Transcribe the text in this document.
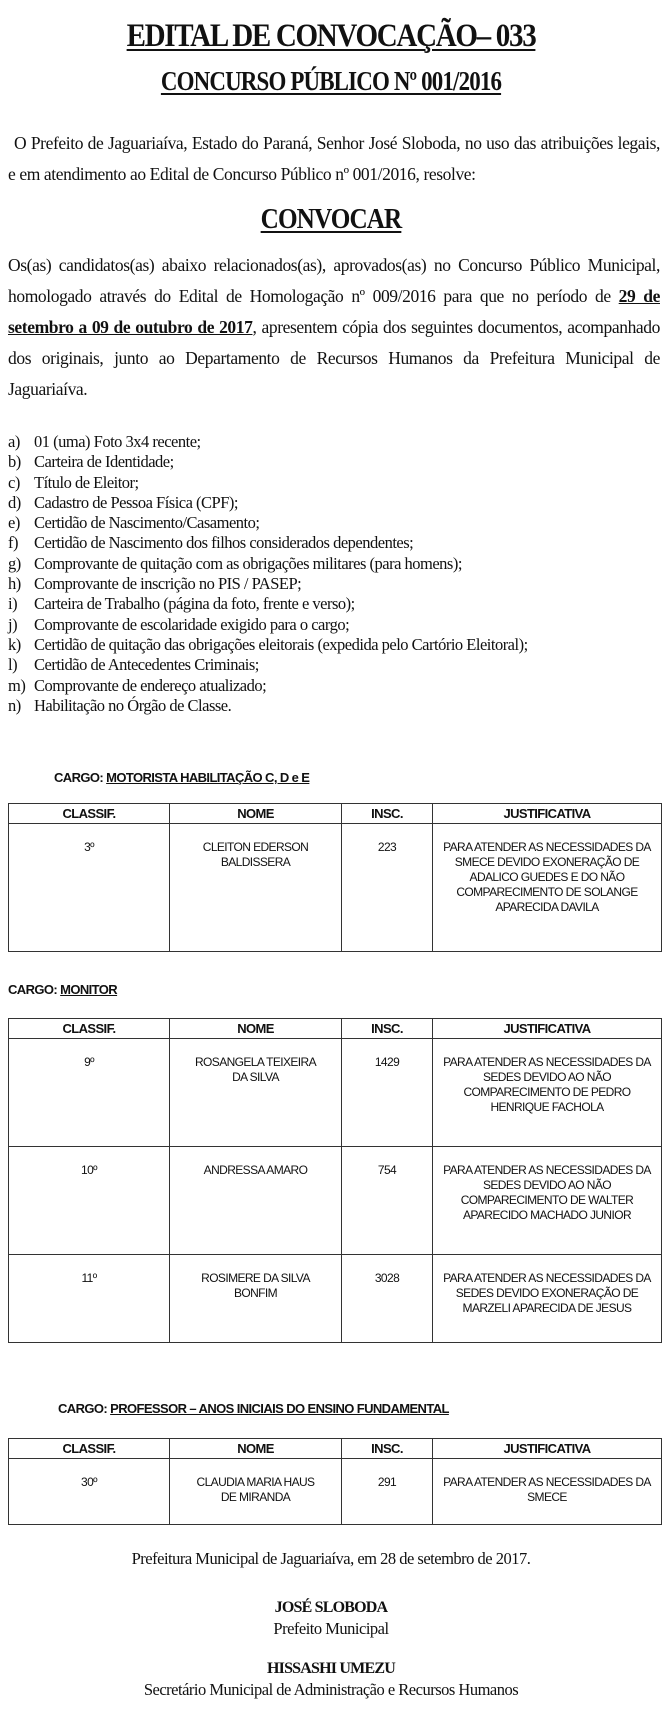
EDITAL DE CONVOCAÇÃO– 033
CONCURSO PÚBLICO Nº 001/2016
O Prefeito de Jaguariaíva, Estado do Paraná, Senhor José Sloboda, no uso das atribuições legais, e em atendimento ao Edital de Concurso Público nº 001/2016, resolve:
CONVOCAR
Os(as) candidatos(as) abaixo relacionados(as), aprovados(as) no Concurso Público Municipal, homologado através do Edital de Homologação nº 009/2016 para que no período de 29 de setembro a 09 de outubro de 2017, apresentem cópia dos seguintes documentos, acompanhado dos originais, junto ao Departamento de Recursos Humanos da Prefeitura Municipal de Jaguariaíva.
a) 01 (uma) Foto 3x4 recente;
b) Carteira de Identidade;
c) Título de Eleitor;
d) Cadastro de Pessoa Física (CPF);
e) Certidão de Nascimento/Casamento;
f) Certidão de Nascimento dos filhos considerados dependentes;
g) Comprovante de quitação com as obrigações militares (para homens);
h) Comprovante de inscrição no PIS / PASEP;
i)	Carteira de Trabalho (página da foto, frente e verso);
j)	Comprovante de escolaridade exigido para o cargo;
k) Certidão de quitação das obrigações eleitorais (expedida pelo Cartório Eleitoral);
l)	Certidão de Antecedentes Criminais;
m) Comprovante de endereço atualizado;
n) Habilitação no Órgão de Classe.
CARGO: MOTORISTA HABILITAÇÃO C, D e E
CLASSIF.	NOME	INSC.	JUSTIFICATIVA

3º	CLEITON EDERSON BALDISSERA	223	PARA ATENDER AS NECESSIDADES DA SMECE DEVIDO EXONERAÇÃO DE ADALICO GUEDES E DO NÃO COMPARECIMENTO DE SOLANGE APARECIDA DAVILA
CARGO: MONITOR
CLASSIF.	NOME	INSC.	JUSTIFICATIVA

9º	ROSANGELA TEIXEIRA DA SILVA	1429	PARA ATENDER AS NECESSIDADES DA SEDES DEVIDO AO NÃO COMPARECIMENTO DE PEDRO HENRIQUE FACHOLA

10º	ANDRESSA AMARO	754	PARA ATENDER AS NECESSIDADES DA SEDES DEVIDO AO NÃO COMPARECIMENTO DE WALTER APARECIDO MACHADO JUNIOR

11º	ROSIMERE DA SILVA BONFIM	3028	PARA ATENDER AS NECESSIDADES DA SEDES DEVIDO EXONERAÇÃO DE MARZELI APARECIDA DE JESUS
CARGO: PROFESSOR – ANOS INICIAIS DO ENSINO FUNDAMENTAL
CLASSIF.	NOME	INSC.	JUSTIFICATIVA

30º	CLAUDIA MARIA HAUS DE MIRANDA	291	PARA ATENDER AS NECESSIDADES DA SMECE
Prefeitura Municipal de Jaguariaíva, em 28 de setembro de 2017.
JOSÉ SLOBODA
Prefeito Municipal
HISSASHI UMEZU
Secretário Municipal de Administração e Recursos Humanos
